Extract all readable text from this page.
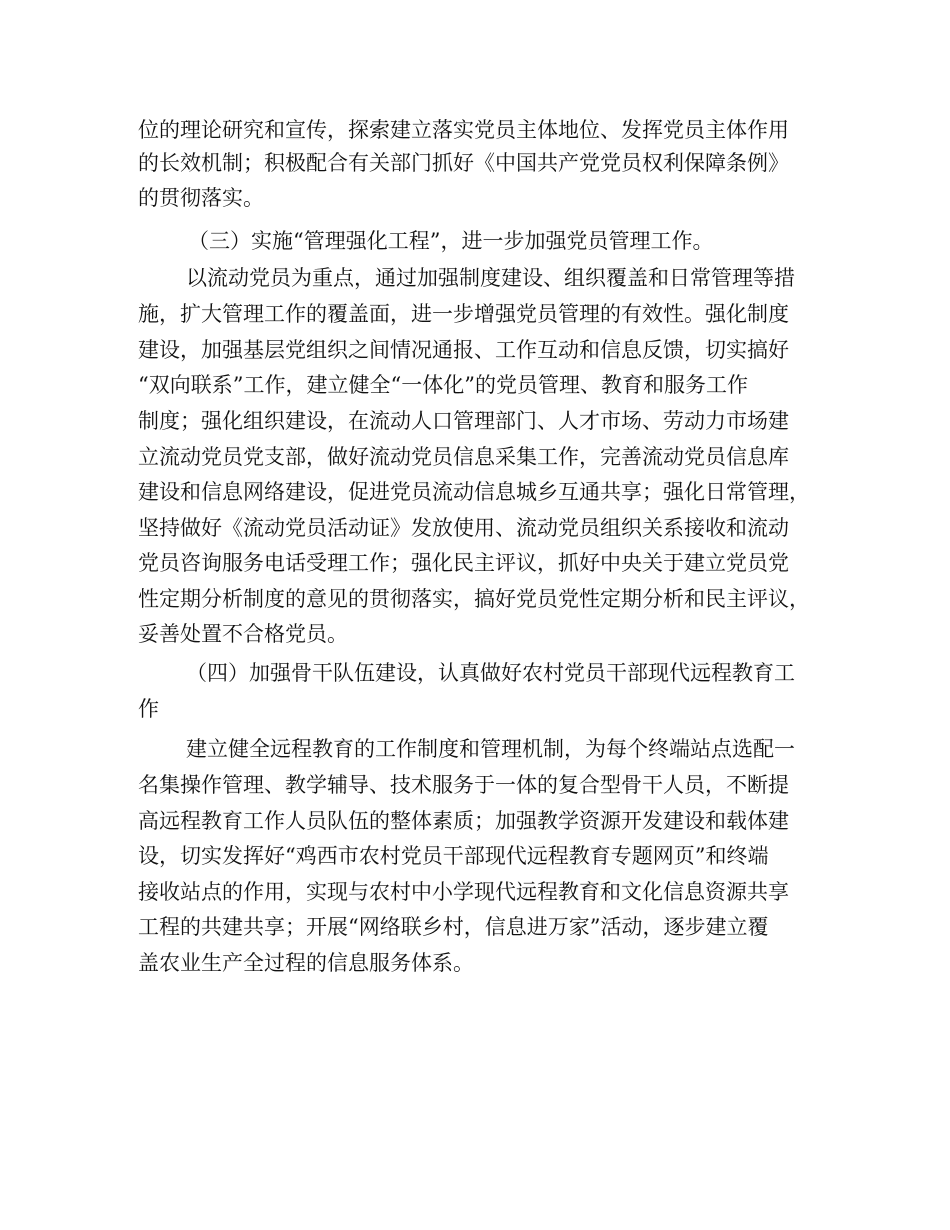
位的理论研究和宣传，探索建立落实党员主体地位、发挥党员主体作用
的长效机制；积极配合有关部门抓好《中国共产党党员权利保障条例》
的贯彻落实。
（三）实施“管理强化工程”，进一步加强党员管理工作。
以流动党员为重点，通过加强制度建设、组织覆盖和日常管理等措
施，扩大管理工作的覆盖面，进一步增强党员管理的有效性。强化制度
建设，加强基层党组织之间情况通报、工作互动和信息反馈，切实搞好
“双向联系”工作，建立健全“一体化”的党员管理、教育和服务工作
制度；强化组织建设，在流动人口管理部门、人才市场、劳动力市场建
立流动党员党支部，做好流动党员信息采集工作，完善流动党员信息库
建设和信息网络建设，促进党员流动信息城乡互通共享；强化日常管理，
坚持做好《流动党员活动证》发放使用、流动党员组织关系接收和流动
党员咨询服务电话受理工作；强化民主评议，抓好中央关于建立党员党
性定期分析制度的意见的贯彻落实，搞好党员党性定期分析和民主评议，
妥善处置不合格党员。
（四）加强骨干队伍建设，认真做好农村党员干部现代远程教育工
作
建立健全远程教育的工作制度和管理机制，为每个终端站点选配一
名集操作管理、教学辅导、技术服务于一体的复合型骨干人员，不断提
高远程教育工作人员队伍的整体素质；加强教学资源开发建设和载体建
设，切实发挥好“鸡西市农村党员干部现代远程教育专题网页”和终端
接收站点的作用，实现与农村中小学现代远程教育和文化信息资源共享
工程的共建共享；开展“网络联乡村，信息进万家”活动，逐步建立覆
盖农业生产全过程的信息服务体系。
